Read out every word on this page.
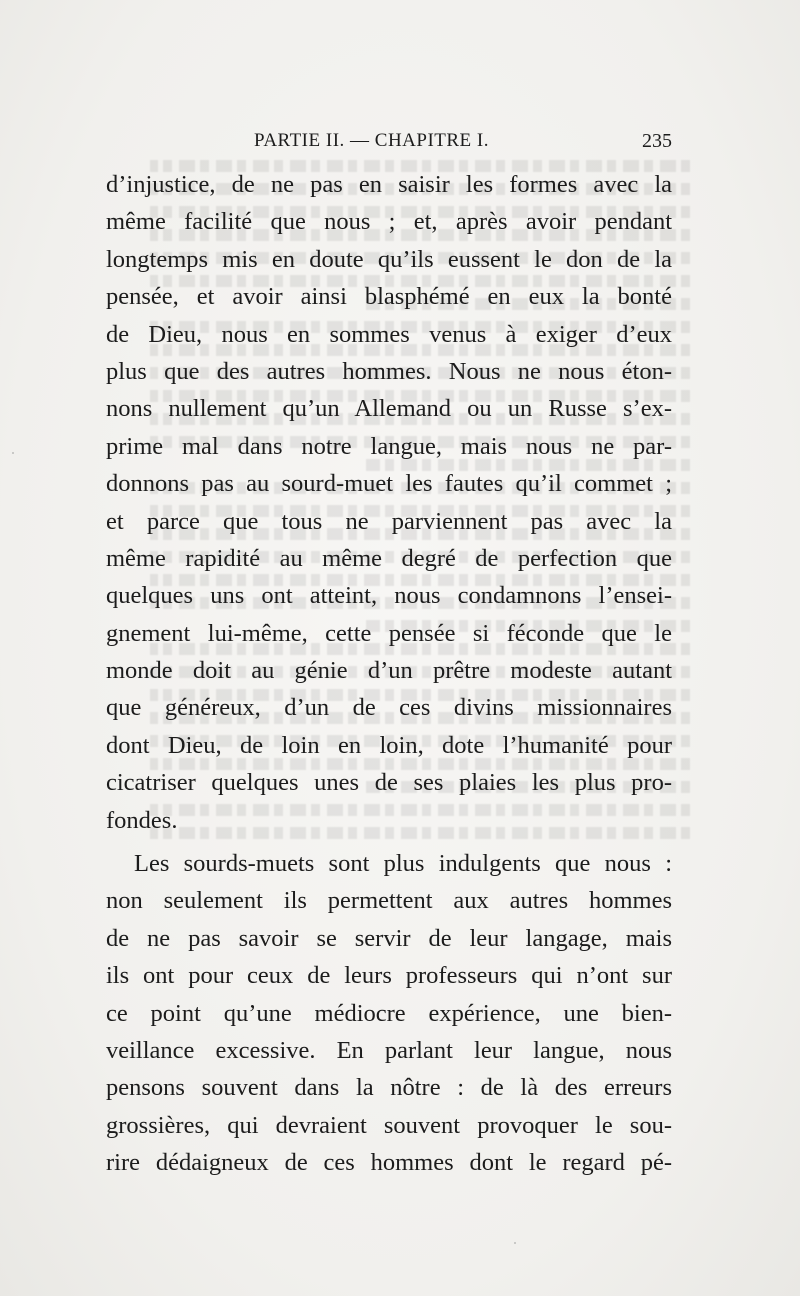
PARTIE II. — CHAPITRE I.	235
d’injustice, de ne pas en saisir les formes avec la
même facilité que nous ; et, après avoir pendant
longtemps mis en doute qu’ils eussent le don de la
pensée, et avoir ainsi blasphémé en eux la bonté
de Dieu, nous en sommes venus à exiger d’eux
plus que des autres hommes. Nous ne nous éton-
nons nullement qu’un Allemand ou un Russe s’ex-
prime mal dans notre langue, mais nous ne par-
donnons pas au sourd-muet les fautes qu’il commet ;
et parce que tous ne parviennent pas avec la
même rapidité au même degré de perfection que
quelques uns ont atteint, nous condamnons l’ensei-
gnement lui-même, cette pensée si féconde que le
monde doit au génie d’un prêtre modeste autant
que généreux, d’un de ces divins missionnaires
dont Dieu, de loin en loin, dote l’humanité pour
cicatriser quelques unes de ses plaies les plus pro-
fondes.
Les sourds-muets sont plus indulgents que nous :
non seulement ils permettent aux autres hommes
de ne pas savoir se servir de leur langage, mais
ils ont pour ceux de leurs professeurs qui n’ont sur
ce point qu’une médiocre expérience, une bien-
veillance excessive. En parlant leur langue, nous
pensons souvent dans la nôtre : de là des erreurs
grossières, qui devraient souvent provoquer le sou-
rire dédaigneux de ces hommes dont le regard pé-
